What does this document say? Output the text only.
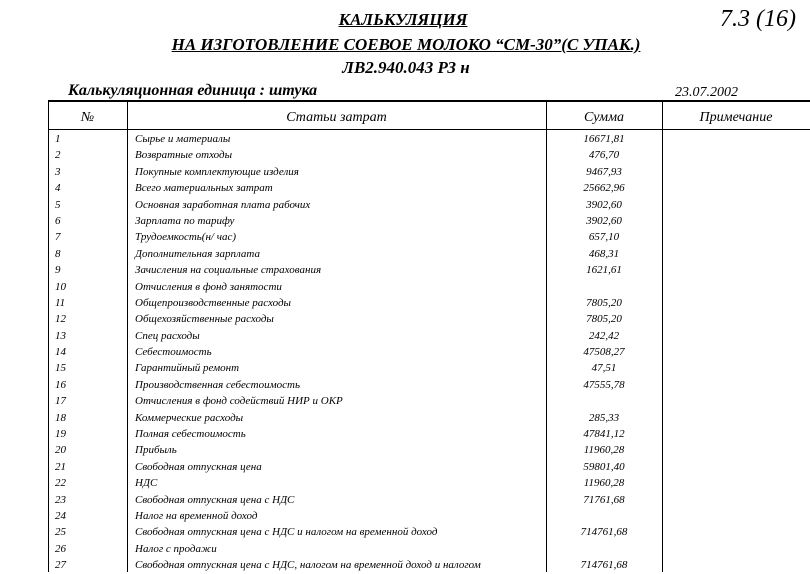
7.3 (16)
КАЛЬКУЛЯЦИЯ
НА ИЗГОТОВЛЕНИЕ СОЕВОЕ МОЛОКО “СМ-30”(С УПАК.)
ЛВ2.940.043 РЗ н
Калькуляционная единица : штука	23.07.2002
№	Статьи затрат	Сумма	Примечание
1	Сырье и материалы	16671,81
2	Возвратные отходы	476,70
3	Покупные комплектующие изделия	9467,93
4	Всего материальных затрат	25662,96
5	Основная заработная плата рабочих	3902,60
6	Зарплата по тарифу	3902,60
7	Трудоемкость(н/ час)	657,10
8	Дополнительная зарплата	468,31
9	Зачисления на социальные страхования	1621,61
10	Отчисления в фонд занятости
11	Общепроизводственные расходы	7805,20
12	Общехозяйственные расходы	7805,20
13	Спец расходы	242,42
14	Себестоимость	47508,27
15	Гарантийный ремонт	47,51
16	Производственная себестоимость	47555,78
17	Отчисления в фонд содействий НИР и ОКР
18	Коммерческие расходы	285,33
19	Полная себестоимость	47841,12
20	Прибыль	11960,28
21	Свободная отпускная цена	59801,40
22	НДС	11960,28
23	Свободная отпускная цена с НДС	71761,68
24	Налог на временной доход
25	Свободная отпускная цена с НДС и налогом на временной доход	714761,68
26	Налог с продажи
27	Свободная отпускная цена с НДС, налогом на временной доход и налогом	714761,68
